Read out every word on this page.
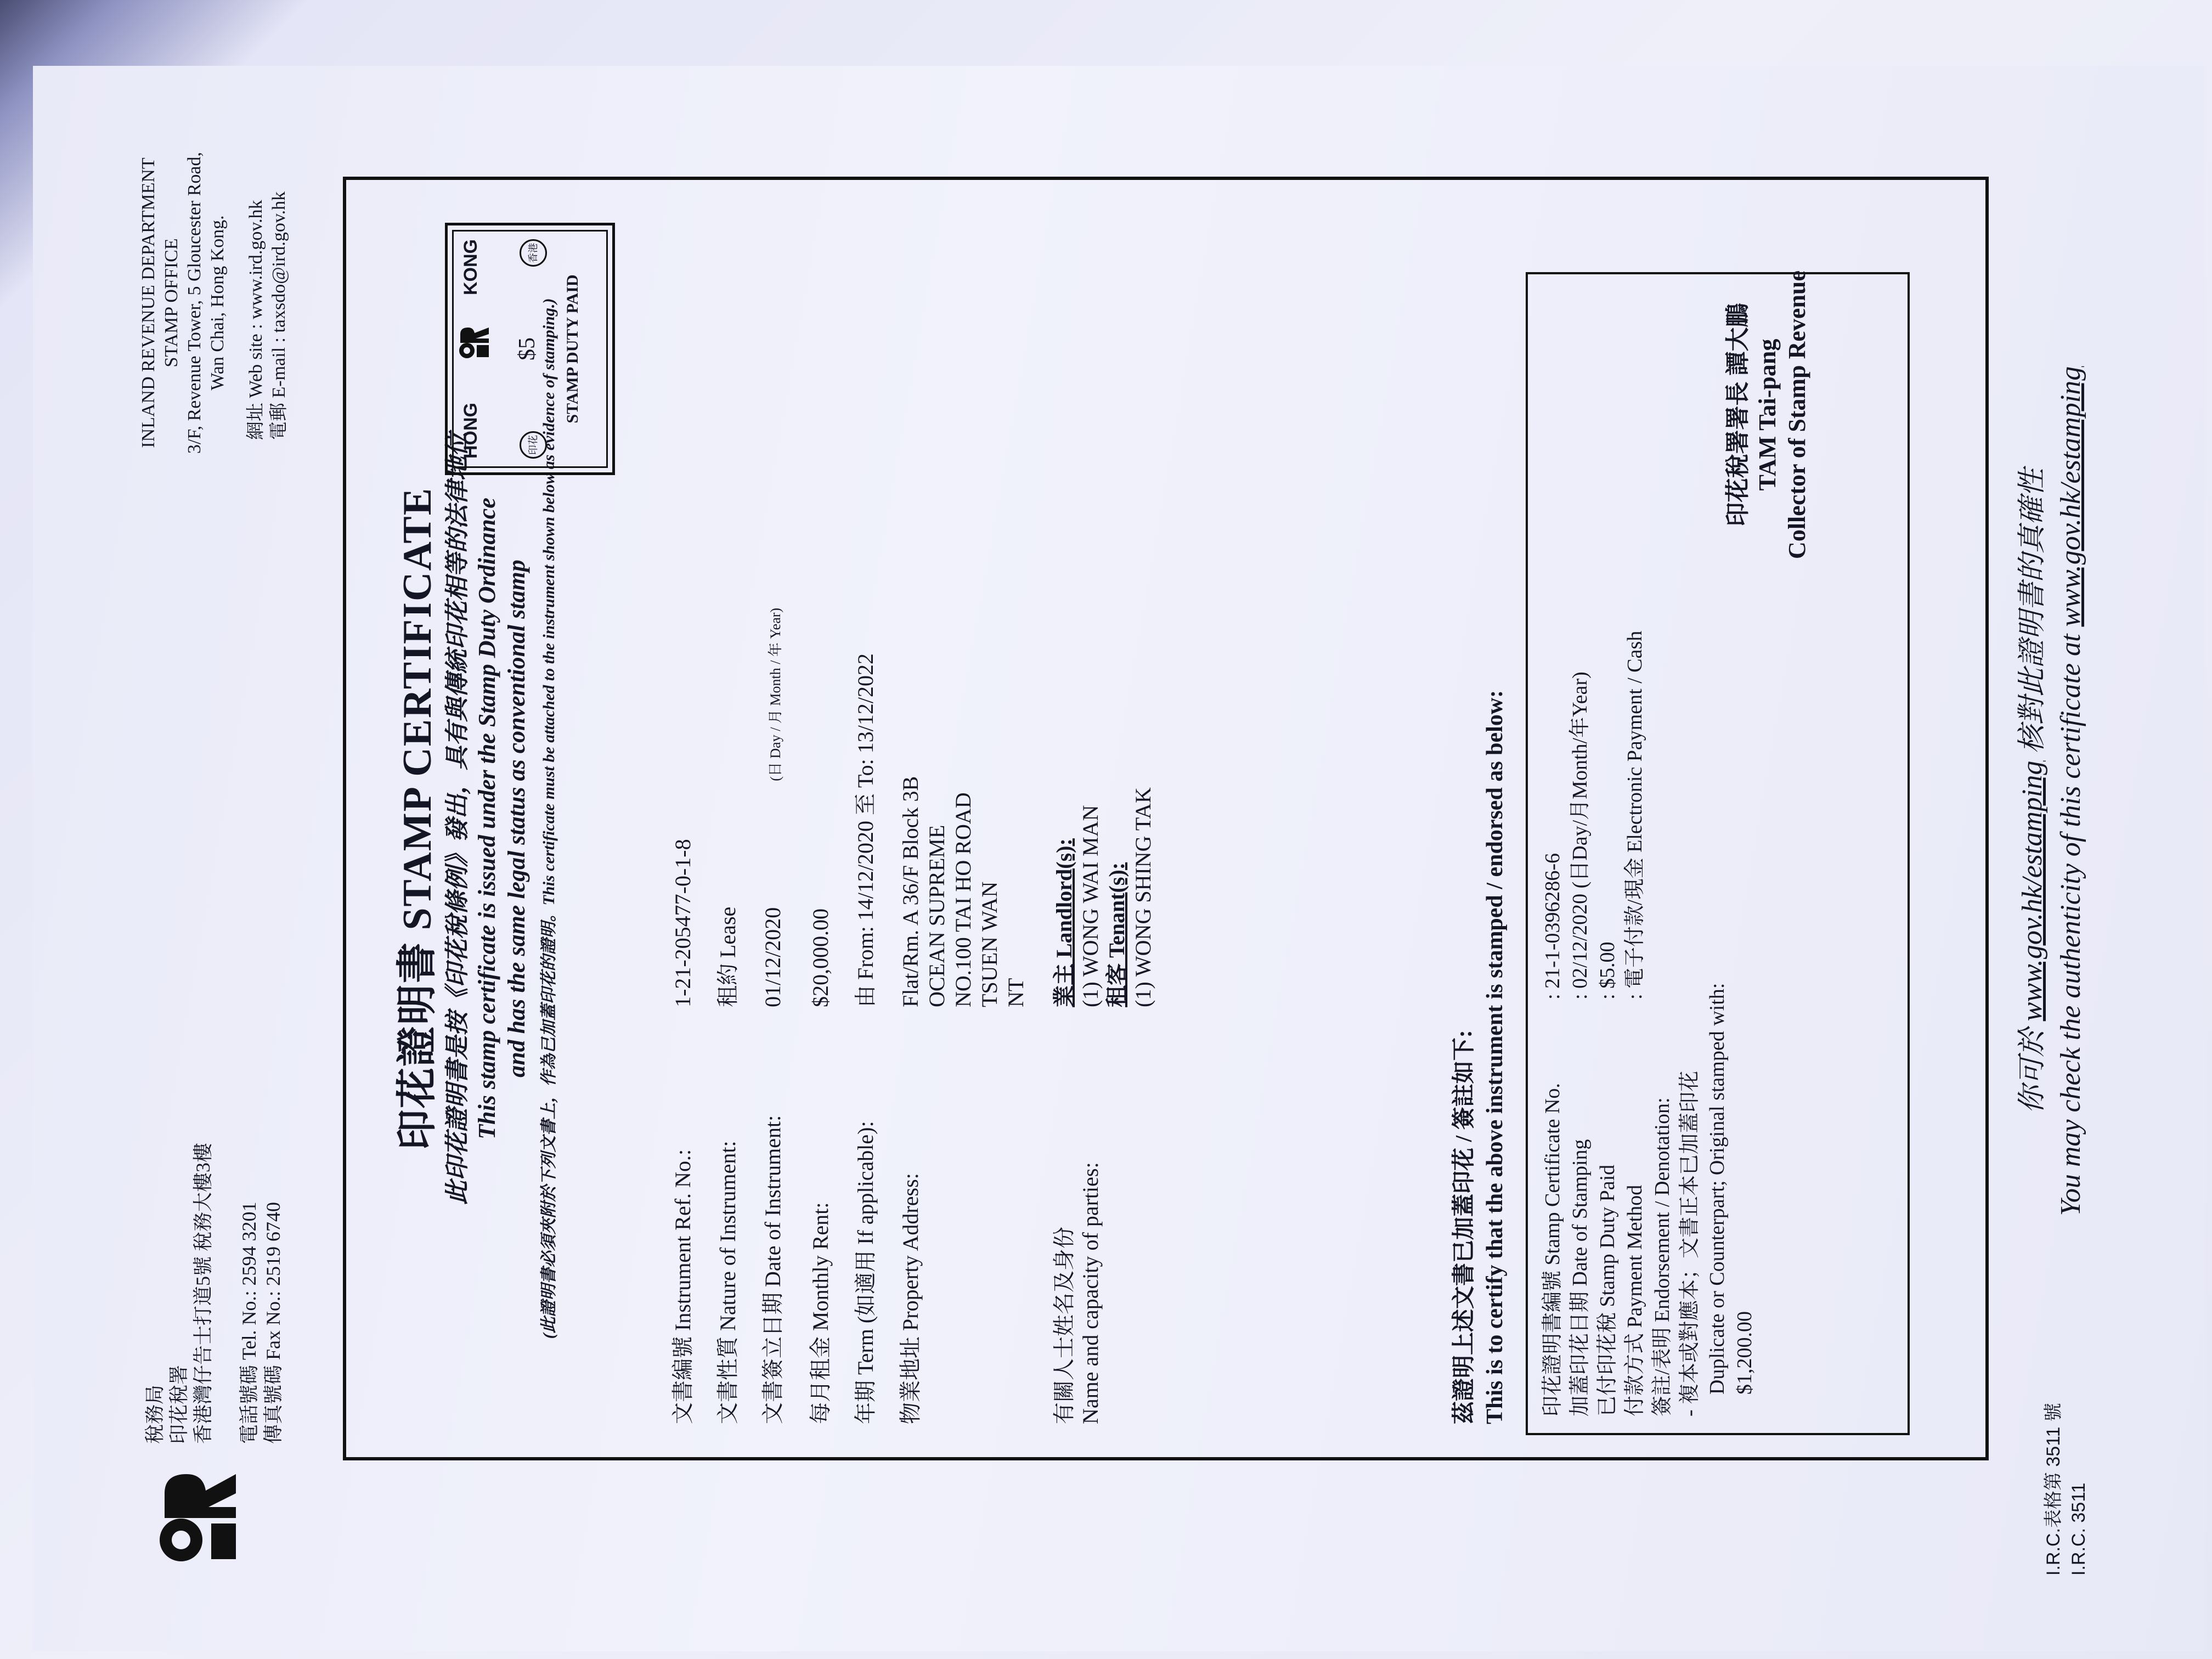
稅務局 印花稅署 香港灣仔告士打道5號 稅務大樓3樓 電話號碼 Tel. No.: 2594 3201 傳真號碼 Fax No.: 2519 6740
INLAND REVENUE DEPARTMENT STAMP OFFICE 3/F, Revenue Tower, 5 Gloucester Road, Wan Chai, Hong Kong. 網址 Web site : www.ird.gov.hk 電郵 E-mail : taxsdo@ird.gov.hk
印花證明書 STAMP CERTIFICATE 此印花證明書是按《印花稅條例》發出，具有與傳統印花相等的法律地位 This stamp certificate is issued under the Stamp Duty Ordinance and has the same legal status as conventional stamp (此證明書必須夾附於下列文書上，作為已加蓋印花的證明。This certificate must be attached to the instrument shown below as evidence of stamping.)
HONG
KONG
印花
香港
$5 STAMP DUTY PAID
文書編號 Instrument Ref. No.:
1-21-205477-0-1-8
文書性質 Nature of Instrument:
租約 Lease
文書簽立日期 Date of Instrument:
01/12/2020 (日 Day / 月 Month / 年 Year)
每月租金 Monthly Rent:
$20,000.00
年期 Term (如適用 If applicable):
由 From: 14/12/2020 至 To: 13/12/2022
物業地址 Property Address:
Flat/Rm. A 36/F Block 3B OCEAN SUPREME NO.100 TAI HO ROAD TSUEN WAN NT
有關人士姓名及身份 Name and capacity of parties:
業主 Landlord(s): (1) WONG WAI MAN 租客 Tenant(s): (1) WONG SHING TAK
茲證明上述文書已加蓋印花 / 簽註如下: This is to certify that the above instrument is stamped / endorsed as below: 印花證明書編號 Stamp Certificate No.
: 21-1-0396286-6
加蓋印花日期 Date of Stamping
: 02/12/2020 (日Day/月Month/年Year)
已付印花稅 Stamp Duty Paid
: $5.00
付款方式 Payment Method
: 電子付款/現金 Electronic Payment / Cash
簽註/表明 Endorsement / Denotation: - 複本或對應本；文書正本已加蓋印花 Duplicate or Counterpart; Original stamped with: $1,200.00
印花稅署署長 譚大鵬 TAM Tai-pang Collector of Stamp Revenue
你可於 www.gov.hk/estamping 核對此證明書的真確性
You may check the authenticity of this certificate at www.gov.hk/estamping
I.R.C.表格第 3511 號 I.R.C. 3511
